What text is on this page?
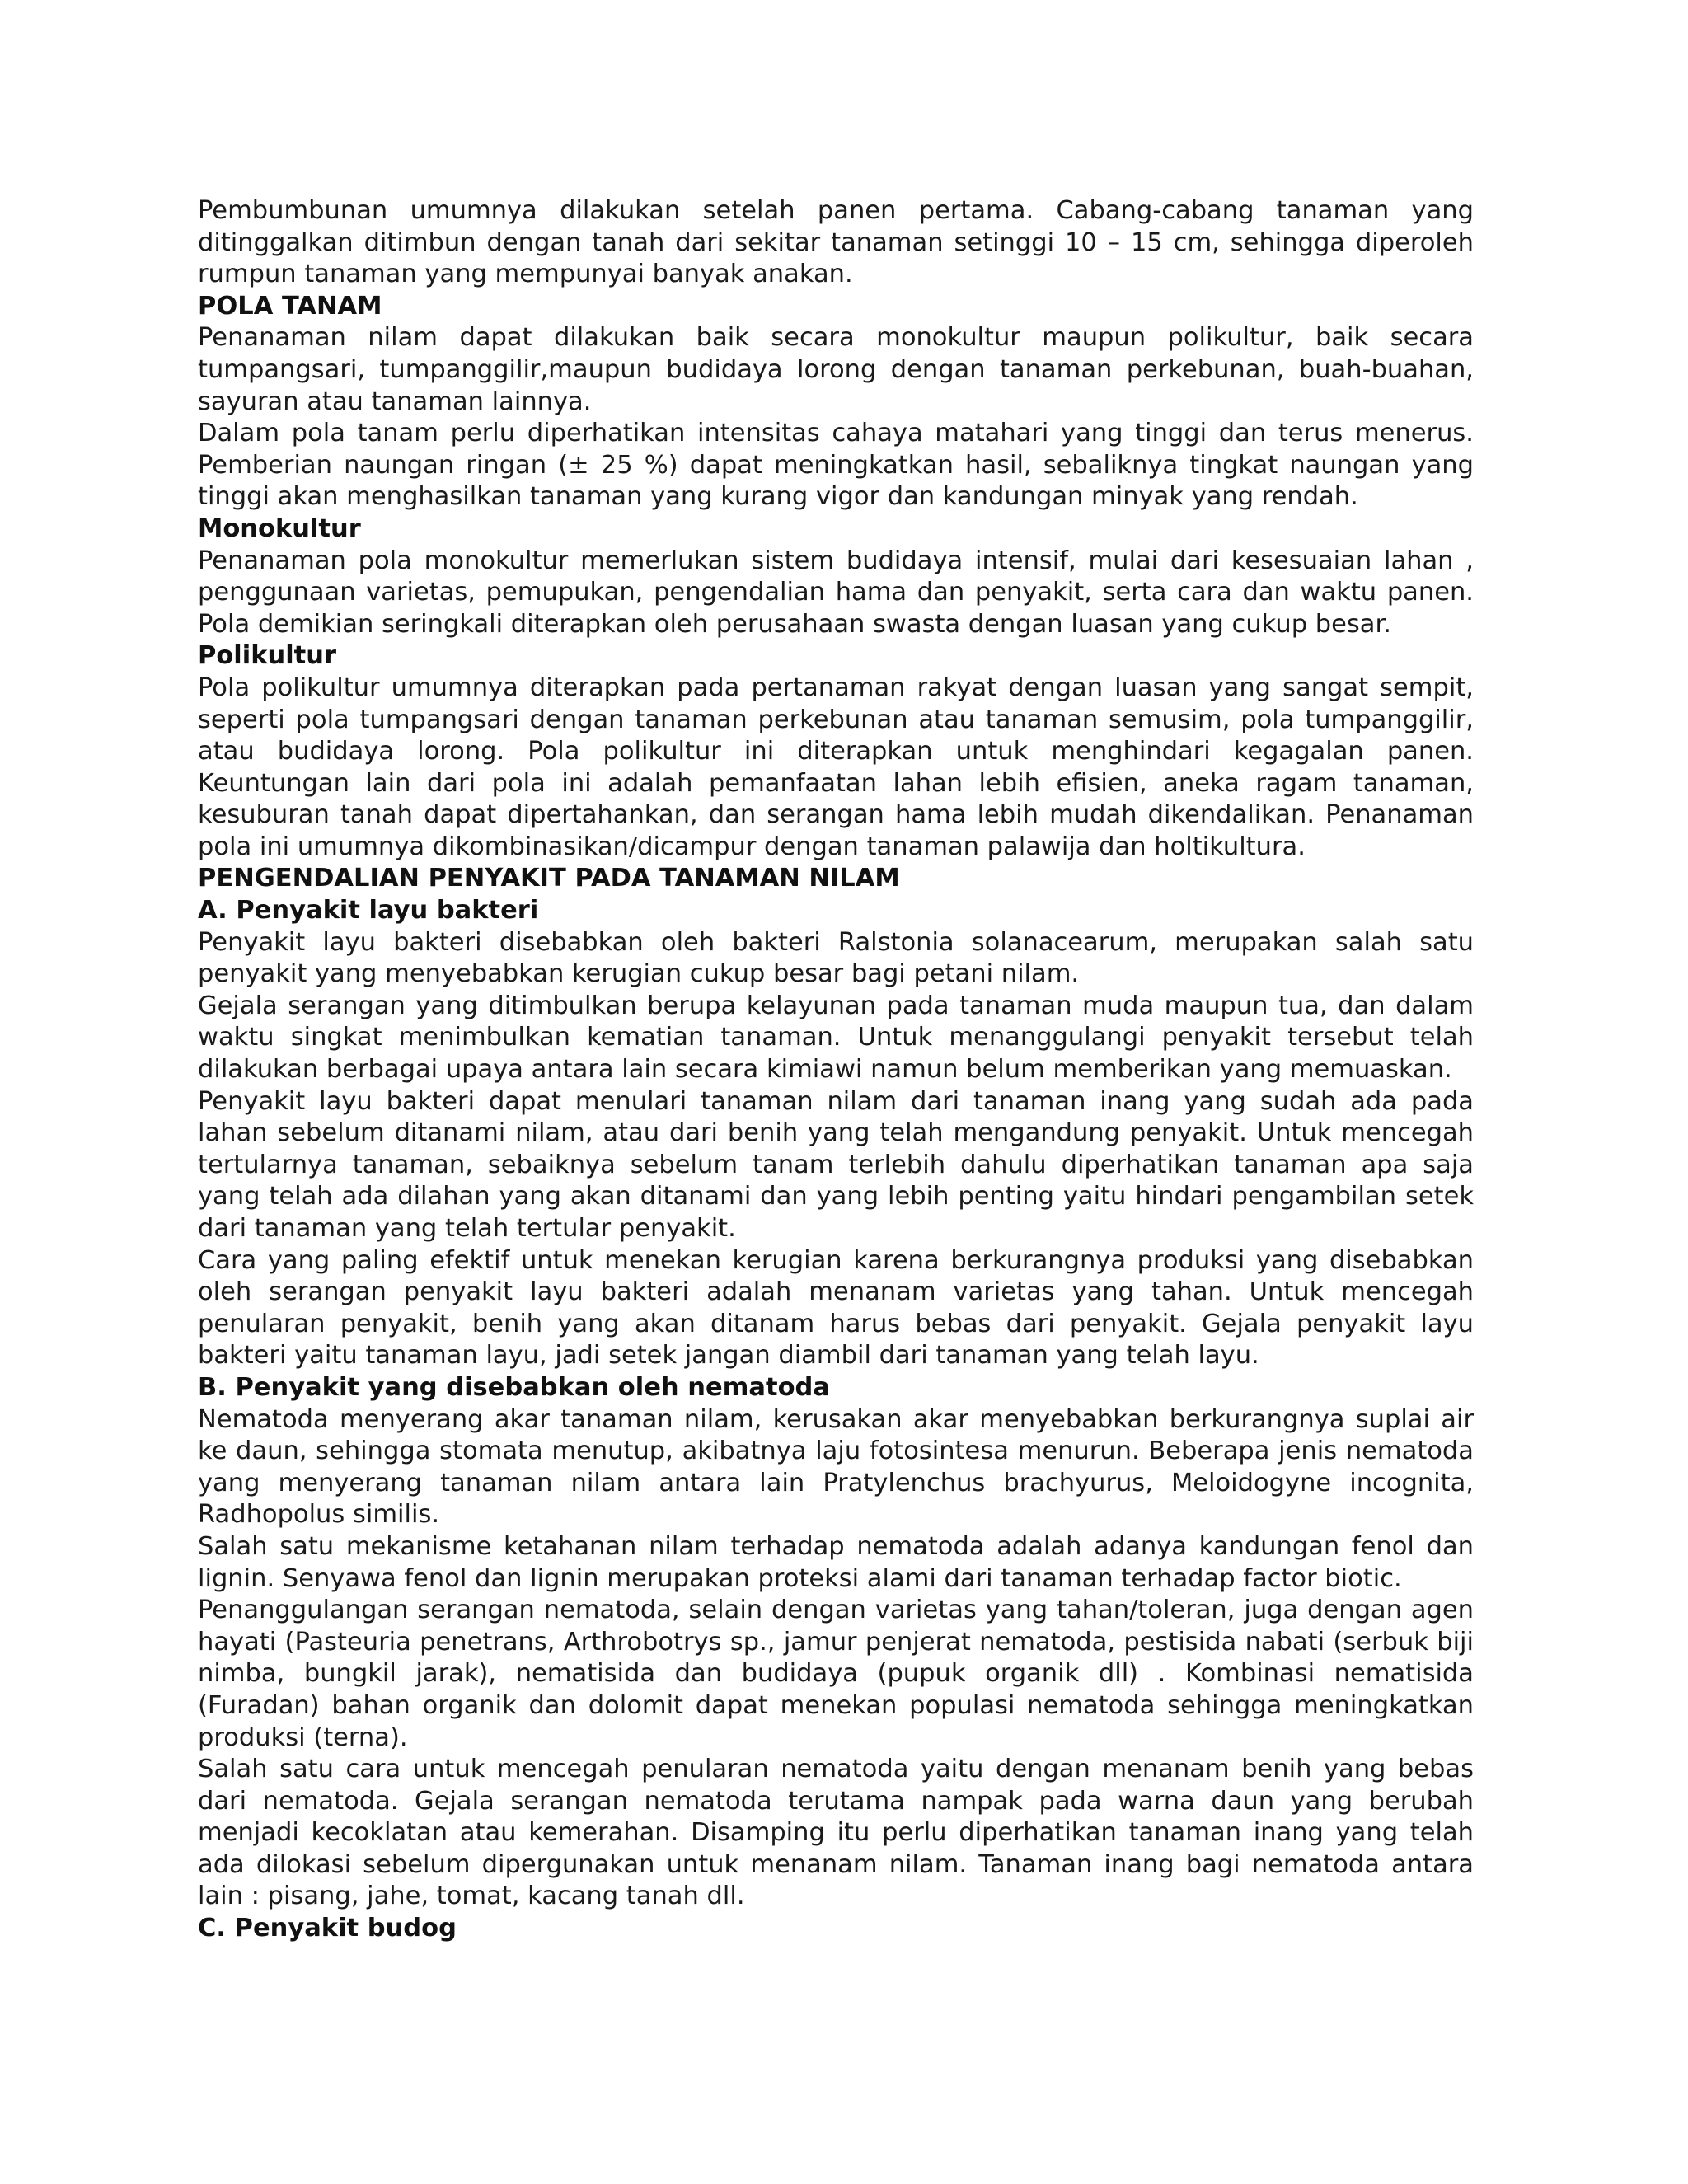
Pembumbunan umumnya dilakukan setelah panen pertama. Cabang-cabang tanaman yang ditinggalkan ditimbun dengan tanah dari sekitar tanaman setinggi 10 – 15 cm, sehingga diperoleh rumpun tanaman yang mempunyai banyak anakan.

POLA TANAM

Penanaman nilam dapat dilakukan baik secara monokultur maupun polikultur, baik secara tumpangsari, tumpanggilir,maupun budidaya lorong dengan tanaman perkebunan, buah-buahan, sayuran atau tanaman lainnya.

Dalam pola tanam perlu diperhatikan intensitas cahaya matahari yang tinggi dan terus menerus. Pemberian naungan ringan (± 25 %) dapat meningkatkan hasil, sebaliknya tingkat naungan yang tinggi akan menghasilkan tanaman yang kurang vigor dan kandungan minyak yang rendah.

Monokultur

Penanaman pola monokultur memerlukan sistem budidaya intensif, mulai dari kesesuaian lahan , penggunaan varietas, pemupukan, pengendalian hama dan penyakit, serta cara dan waktu panen. Pola demikian seringkali diterapkan oleh perusahaan swasta dengan luasan yang cukup besar.

Polikultur

Pola polikultur umumnya diterapkan pada pertanaman rakyat dengan luasan yang sangat sempit, seperti pola tumpangsari dengan tanaman perkebunan atau tanaman semusim, pola tumpanggilir, atau budidaya lorong. Pola polikultur ini diterapkan untuk menghindari kegagalan panen. Keuntungan lain dari pola ini adalah pemanfaatan lahan lebih efisien, aneka ragam tanaman, kesuburan tanah dapat dipertahankan, dan serangan hama lebih mudah dikendalikan. Penanaman pola ini umumnya dikombinasikan/dicampur dengan tanaman palawija dan holtikultura.

PENGENDALIAN PENYAKIT PADA TANAMAN NILAM

A. Penyakit layu bakteri

Penyakit layu bakteri disebabkan oleh bakteri Ralstonia solanacearum, merupakan salah satu penyakit yang menyebabkan kerugian cukup besar bagi petani nilam.

Gejala serangan yang ditimbulkan berupa kelayunan pada tanaman muda maupun tua, dan dalam waktu singkat menimbulkan kematian tanaman. Untuk menanggulangi penyakit tersebut telah dilakukan berbagai upaya antara lain secara kimiawi namun belum memberikan yang memuaskan.

Penyakit layu bakteri dapat menulari tanaman nilam dari tanaman inang yang sudah ada pada lahan sebelum ditanami nilam, atau dari benih yang telah mengandung penyakit. Untuk mencegah tertularnya tanaman, sebaiknya sebelum tanam terlebih dahulu diperhatikan tanaman apa saja yang telah ada dilahan yang akan ditanami dan yang lebih penting yaitu hindari pengambilan setek dari tanaman yang telah tertular penyakit.

Cara yang paling efektif untuk menekan kerugian karena berkurangnya produksi yang disebabkan oleh serangan penyakit layu bakteri adalah menanam varietas yang tahan. Untuk mencegah penularan penyakit, benih yang akan ditanam harus bebas dari penyakit. Gejala penyakit layu bakteri yaitu tanaman layu, jadi setek jangan diambil dari tanaman yang telah layu.

B. Penyakit yang disebabkan oleh nematoda

Nematoda menyerang akar tanaman nilam, kerusakan akar menyebabkan berkurangnya suplai air ke daun, sehingga stomata menutup, akibatnya laju fotosintesa menurun. Beberapa jenis nematoda yang menyerang tanaman nilam antara lain Pratylenchus brachyurus, Meloidogyne incognita, Radhopolus similis.

Salah satu mekanisme ketahanan nilam terhadap nematoda adalah adanya kandungan fenol dan lignin. Senyawa fenol dan lignin merupakan proteksi alami dari tanaman terhadap factor biotic.

Penanggulangan serangan nematoda, selain dengan varietas yang tahan/toleran, juga dengan agen hayati (Pasteuria penetrans, Arthrobotrys sp., jamur penjerat nematoda, pestisida nabati (serbuk biji nimba, bungkil jarak), nematisida dan budidaya (pupuk organik dll) . Kombinasi nematisida (Furadan) bahan organik dan dolomit dapat menekan populasi nematoda sehingga meningkatkan produksi (terna).

Salah satu cara untuk mencegah penularan nematoda yaitu dengan menanam benih yang bebas dari nematoda. Gejala serangan nematoda terutama nampak pada warna daun yang berubah menjadi kecoklatan atau kemerahan. Disamping itu perlu diperhatikan tanaman inang yang telah ada dilokasi sebelum dipergunakan untuk menanam nilam. Tanaman inang bagi nematoda antara lain : pisang, jahe, tomat, kacang tanah dll.

C. Penyakit budog
